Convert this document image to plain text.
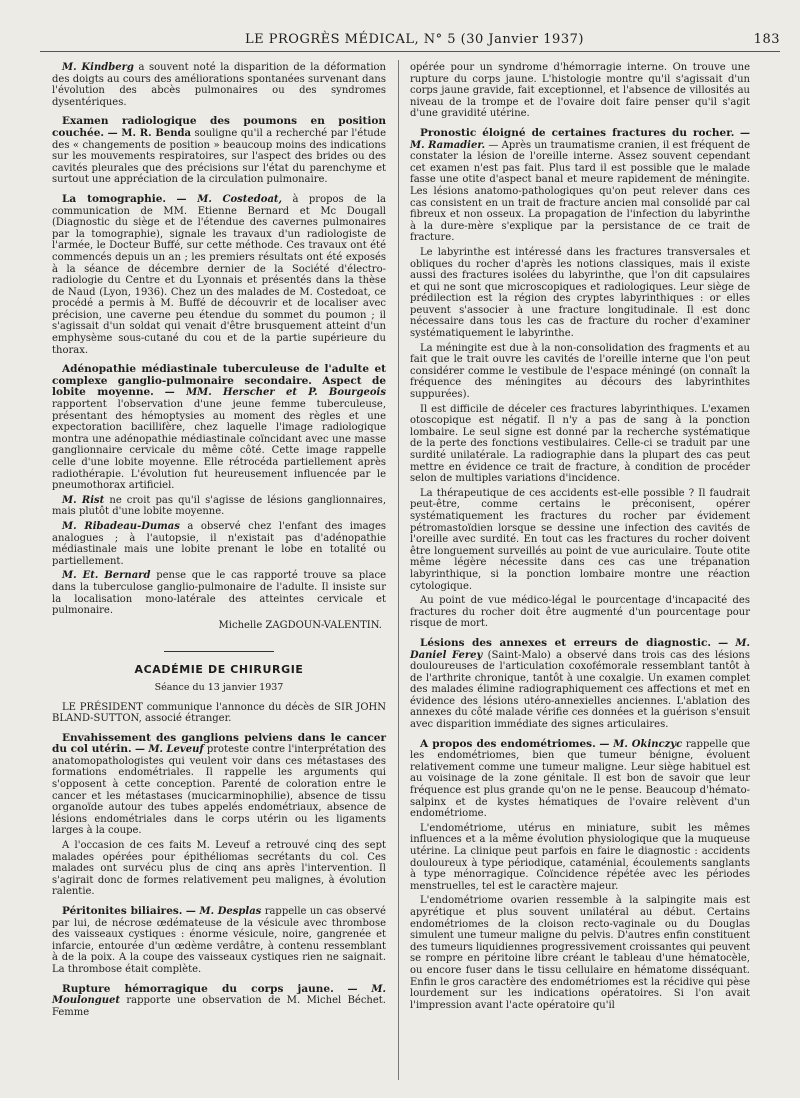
LE PROGRÈS MÉDICAL, N° 5 (30 Janvier 1937)	183

M. Kindberg a souvent noté la disparition de la déformation des doigts au cours des améliorations spontanées survenant dans l'évolution des abcès pulmonaires ou des syndromes dysentériques.

Examen radiologique des poumons en position couchée. — M. R. Benda souligne qu'il a recherché par l'étude des « changements de position » beaucoup moins des indications sur les mouvements respiratoires, sur l'aspect des brides ou des cavités pleurales que des précisions sur l'état du parenchyme et surtout une appréciation de la circulation pulmonaire.

La tomographie. — M. Costedoat, à propos de la communication de MM. Etienne Bernard et Mc Dougall (Diagnostic du siège et de l'étendue des cavernes pulmonaires par la tomographie), signale les travaux d'un radiologiste de l'armée, le Docteur Buffé, sur cette méthode. Ces travaux ont été commencés depuis un an ; les premiers résultats ont été exposés à la séance de décembre dernier de la Société d'électro-radiologie du Centre et du Lyonnais et présentés dans la thèse de Naud (Lyon, 1936). Chez un des malades de M. Costedoat, ce procédé a permis à M. Buffé de découvrir et de localiser avec précision, une caverne peu étendue du sommet du poumon ; il s'agissait d'un soldat qui venait d'être brusquement atteint d'un emphysème sous-cutané du cou et de la partie supérieure du thorax.

Adénopathie médiastinale tuberculeuse de l'adulte et complexe ganglio-pulmonaire secondaire. Aspect de lobite moyenne. — MM. Herscher et P. Bourgeois rapportent l'observation d'une jeune femme tuberculeuse, présentant des hémoptysies au moment des règles et une expectoration bacillifère, chez laquelle l'image radiologique montra une adénopathie médiastinale coïncidant avec une masse ganglionnaire cervicale du même côté. Cette image rappelle celle d'une lobite moyenne. Elle rétrocéda partiellement après radiothérapie. L'évolution fut heureusement influencée par le pneumothorax artificiel.

M. Rist ne croit pas qu'il s'agisse de lésions ganglionnaires, mais plutôt d'une lobite moyenne.

M. Ribadeau-Dumas a observé chez l'enfant des images analogues ; à l'autopsie, il n'existait pas d'adénopathie médiastinale mais une lobite prenant le lobe en totalité ou partiellement.

M. Et. Bernard pense que le cas rapporté trouve sa place dans la tuberculose ganglio-pulmonaire de l'adulte. Il insiste sur la localisation mono-latérale des atteintes cervicale et pulmonaire.

Michelle ZAGDOUN-VALENTIN.

ACADÉMIE DE CHIRURGIE
Séance du 13 janvier 1937

LE PRÉSIDENT communique l'annonce du décès de SIR JOHN BLAND-SUTTON, associé étranger.

Envahissement des ganglions pelviens dans le cancer du col utérin. — M. Leveuf proteste contre l'interprétation des anatomopathologistes qui veulent voir dans ces métastases des formations endométriales. Il rappelle les arguments qui s'opposent à cette conception. Parenté de coloration entre le cancer et les métastases (mucicarminophilie), absence de tissu organoïde autour des tubes appelés endométriaux, absence de lésions endométriales dans le corps utérin ou les ligaments larges à la coupe.

A l'occasion de ces faits M. Leveuf a retrouvé cinq des sept malades opérées pour épithéliomas secrétants du col. Ces malades ont survécu plus de cinq ans après l'intervention. Il s'agirait donc de formes relativement peu malignes, à évolution ralentie.

Péritonites biliaires. — M. Desplas rappelle un cas observé par lui, de nécrose œdémateuse de la vésicule avec thrombose des vaisseaux cystiques : énorme vésicule, noire, gangrenée et infarcie, entourée d'un œdème verdâtre, à contenu ressemblant à de la poix. A la coupe des vaisseaux cystiques rien ne saignait. La thrombose était complète.

Rupture hémorragique du corps jaune. — M. Moulonguet rapporte une observation de M. Michel Béchet. Femme

opérée pour un syndrome d'hémorragie interne. On trouve une rupture du corps jaune. L'histologie montre qu'il s'agissait d'un corps jaune gravide, fait exceptionnel, et l'absence de villosités au niveau de la trompe et de l'ovaire doit faire penser qu'il s'agit d'une gravidité utérine.

Pronostic éloigné de certaines fractures du rocher. — M. Ramadier. — Après un traumatisme cranien, il est fréquent de constater la lésion de l'oreille interne. Assez souvent cependant cet examen n'est pas fait. Plus tard il est possible que le malade fasse une otite d'aspect banal et meure rapidement de méningite. Les lésions anatomo-pathologiques qu'on peut relever dans ces cas consistent en un trait de fracture ancien mal consolidé par cal fibreux et non osseux. La propagation de l'infection du labyrinthe à la dure-mère s'explique par la persistance de ce trait de fracture.

Le labyrinthe est intéressé dans les fractures transversales et obliques du rocher d'après les notions classiques, mais il existe aussi des fractures isolées du labyrinthe, que l'on dit capsulaires et qui ne sont que microscopiques et radiologiques. Leur siège de prédilection est la région des cryptes labyrinthiques : or elles peuvent s'associer à une fracture longitudinale. Il est donc nécessaire dans tous les cas de fracture du rocher d'examiner systématiquement le labyrinthe.

La méningite est due à la non-consolidation des fragments et au fait que le trait ouvre les cavités de l'oreille interne que l'on peut considérer comme le vestibule de l'espace méningé (on connaît la fréquence des méningites au décours des labyrinthites suppurées).

Il est difficile de déceler ces fractures labyrinthiques. L'examen otoscopique est négatif. Il n'y a pas de sang à la ponction lombaire. Le seul signe est donné par la recherche systématique de la perte des fonctions vestibulaires. Celle-ci se traduit par une surdité unilatérale. La radiographie dans la plupart des cas peut mettre en évidence ce trait de fracture, à condition de procéder selon de multiples variations d'incidence.

La thérapeutique de ces accidents est-elle possible ? Il faudrait peut-être, comme certains le préconisent, opérer systématiquement les fractures du rocher par évidement pétromastoïdien lorsque se dessine une infection des cavités de l'oreille avec surdité. En tout cas les fractures du rocher doivent être longuement surveillés au point de vue auriculaire. Toute otite même légère nécessite dans ces cas une trépanation labyrinthique, si la ponction lombaire montre une réaction cytologique.

Au point de vue médico-légal le pourcentage d'incapacité des fractures du rocher doit être augmenté d'un pourcentage pour risque de mort.

Lésions des annexes et erreurs de diagnostic. — M. Daniel Ferey (Saint-Malo) a observé dans trois cas des lésions douloureuses de l'articulation coxofémorale ressemblant tantôt à de l'arthrite chronique, tantôt à une coxalgie. Un examen complet des malades élimine radiographiquement ces affections et met en évidence des lésions utéro-annexielles anciennes. L'ablation des annexes du côté malade vérifie ces données et la guérison s'ensuit avec disparition immédiate des signes articulaires.

A propos des endométriomes. — M. Okinczyc rappelle que les endométriomes, bien que tumeur bénigne, évoluent relativement comme une tumeur maligne. Leur siège habituel est au voisinage de la zone génitale. Il est bon de savoir que leur fréquence est plus grande qu'on ne le pense. Beaucoup d'hémato-salpinx et de kystes hématiques de l'ovaire relèvent d'un endométriome.

L'endométriome, utérus en miniature, subit les mêmes influences et a la même évolution physiologique que la muqueuse utérine. La clinique peut parfois en faire le diagnostic : accidents douloureux à type périodique, cataménial, écoulements sanglants à type ménorragique. Coïncidence répétée avec les périodes menstruelles, tel est le caractère majeur.

L'endométriome ovarien ressemble à la salpingite mais est apyrétique et plus souvent unilatéral au début. Certains endométriomes de la cloison recto-vaginale ou du Douglas simulent une tumeur maligne du pelvis. D'autres enfin constituent des tumeurs liquidiennes progressivement croissantes qui peuvent se rompre en péritoine libre créant le tableau d'une hématocèle, ou encore fuser dans le tissu cellulaire en hématome disséquant. Enfin le gros caractère des endométriomes est la récidive qui pèse lourdement sur les indications opératoires. Si l'on avait l'impression avant l'acte opératoire qu'il
